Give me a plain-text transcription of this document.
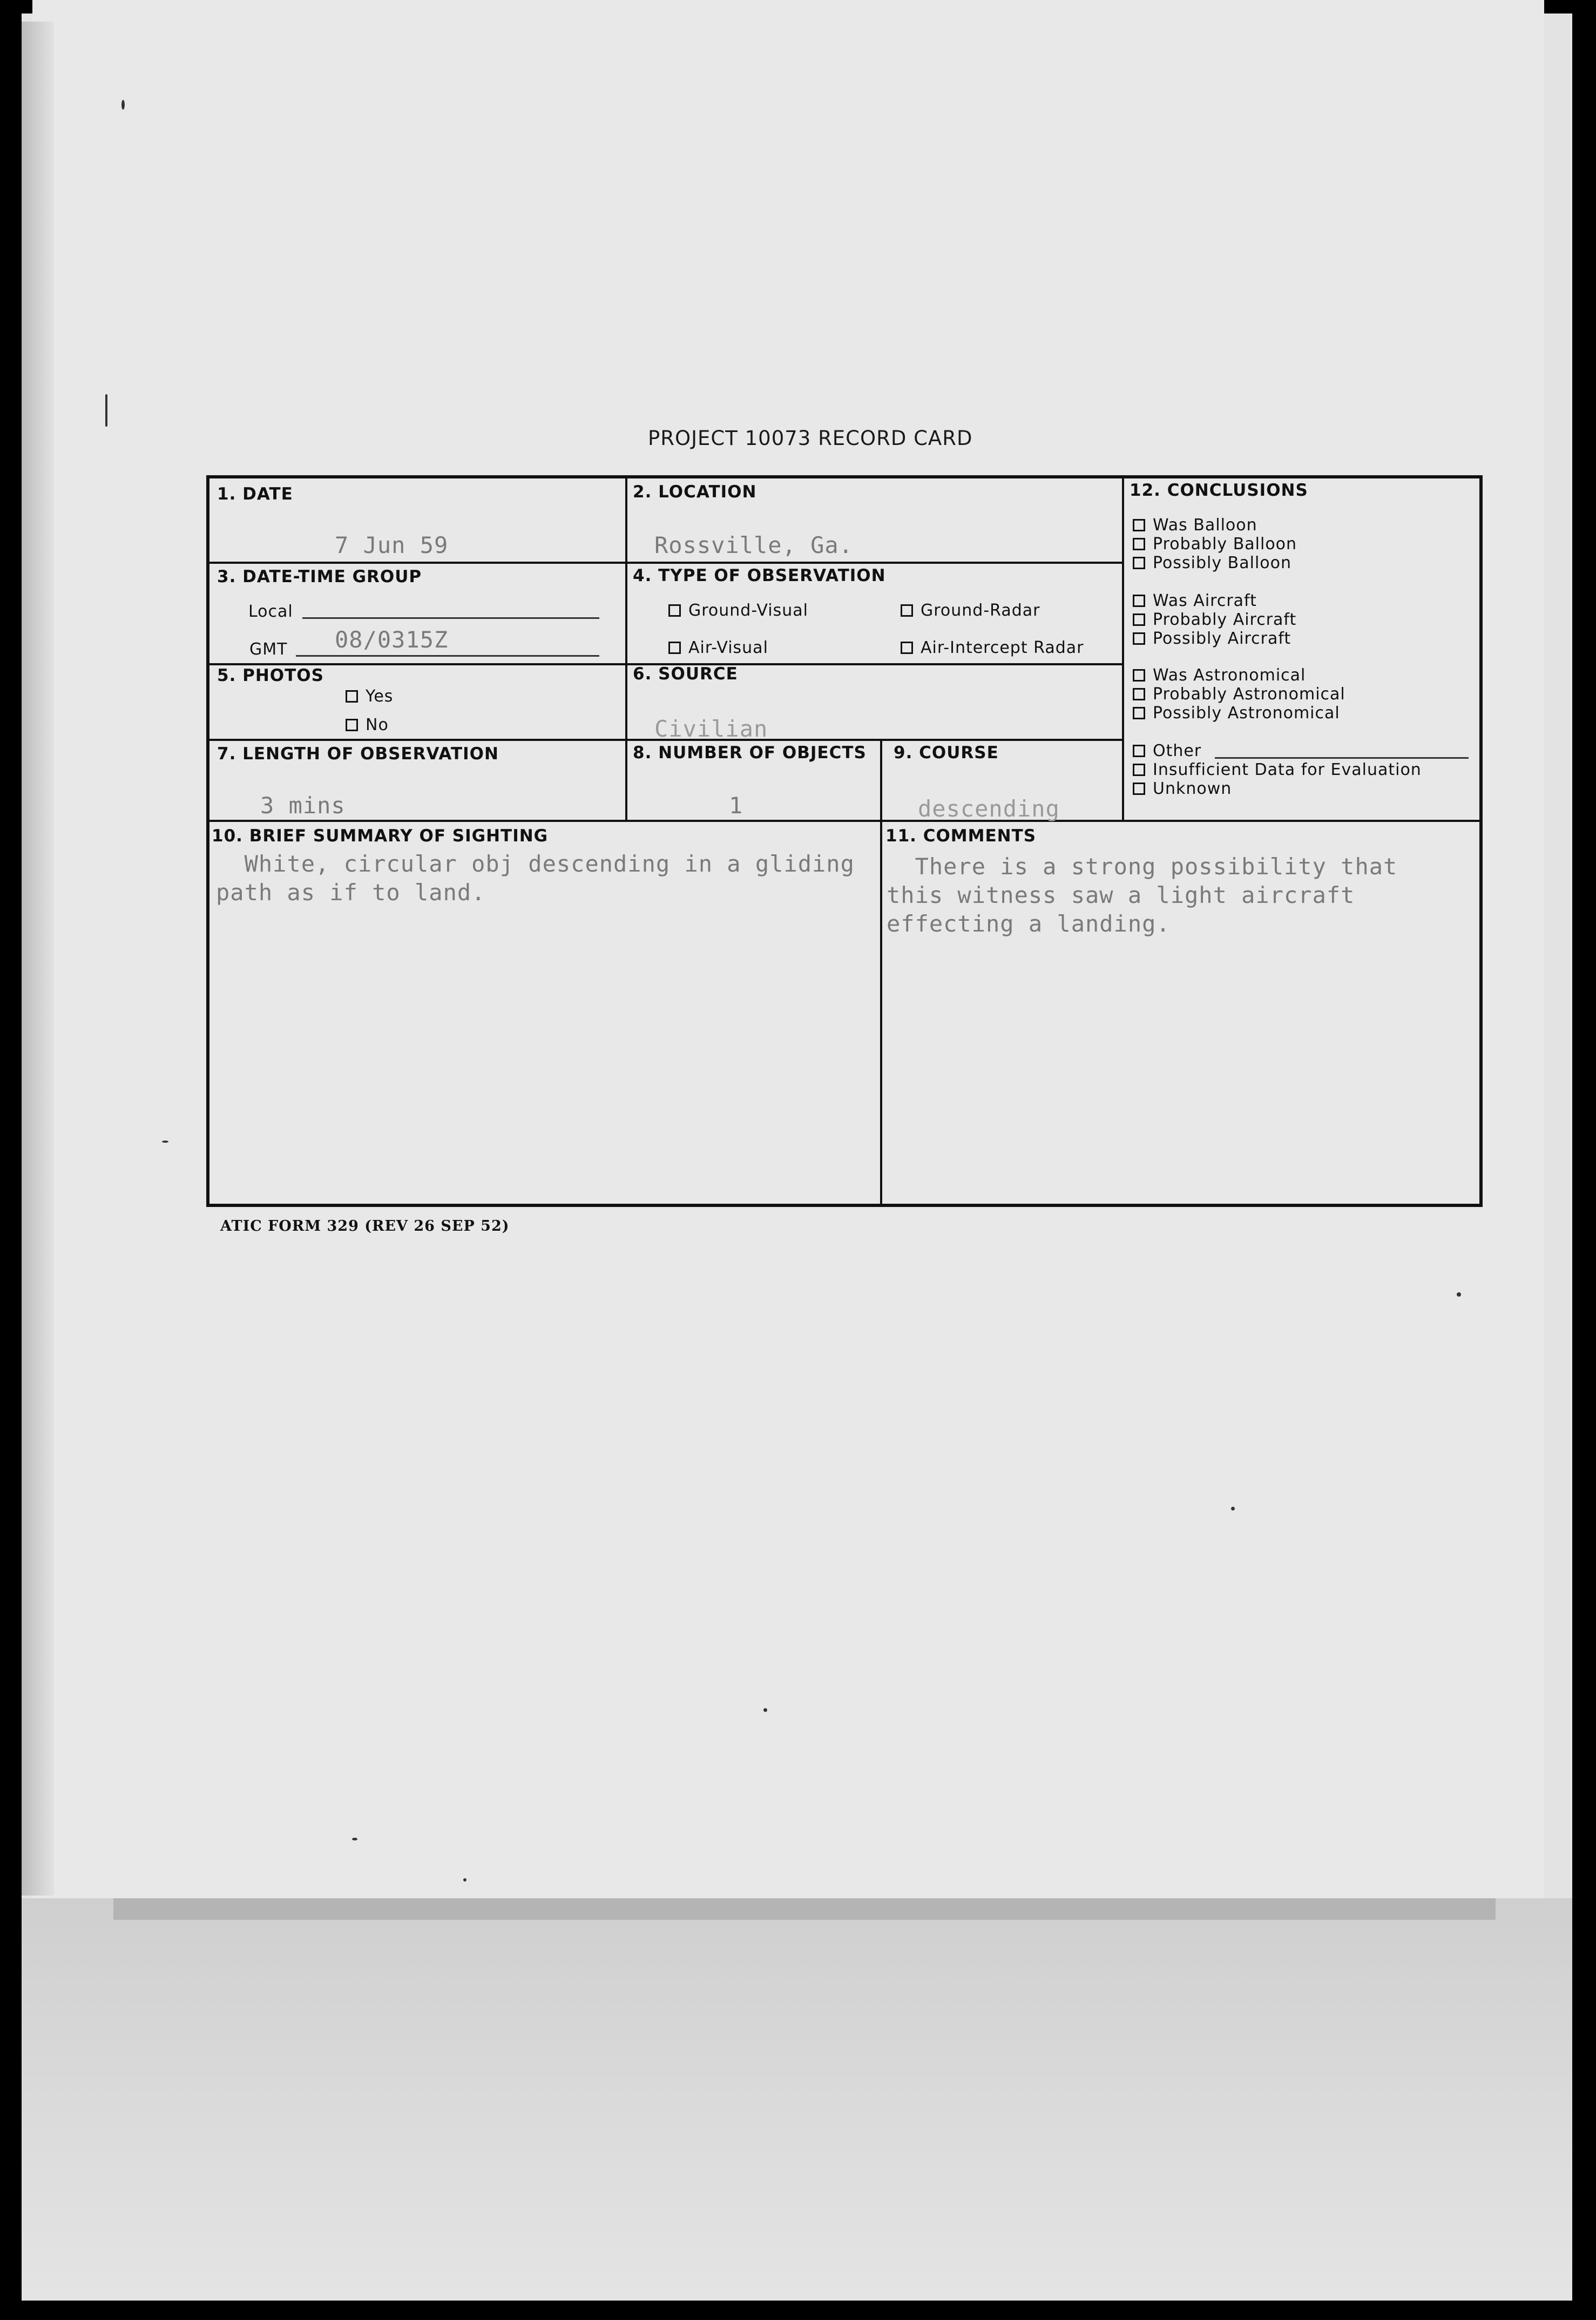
PROJECT 10073 RECORD CARD
1. DATE
7 Jun 59
2. LOCATION
Rossville, Ga.
3. DATE-TIME GROUP
Local
GMT 08/0315Z
4. TYPE OF OBSERVATION
Ground-Visual	Ground-Radar
Air-Visual	Air-Intercept Radar
5. PHOTOS
Yes
No
6. SOURCE
Civilian
7. LENGTH OF OBSERVATION
3 mins
8. NUMBER OF OBJECTS
1
9. COURSE
descending
10. BRIEF SUMMARY OF SIGHTING
White, circular obj descending in a gliding
path as if to land.
11. COMMENTS
There is a strong possibility that
this witness saw a light aircraft
effecting a landing.
12. CONCLUSIONS
Was Balloon
Probably Balloon
Possibly Balloon
Was Aircraft
Probably Aircraft
Possibly Aircraft
Was Astronomical
Probably Astronomical
Possibly Astronomical
Other
Insufficient Data for Evaluation
Unknown
ATIC FORM 329 (REV 26 SEP 52)
